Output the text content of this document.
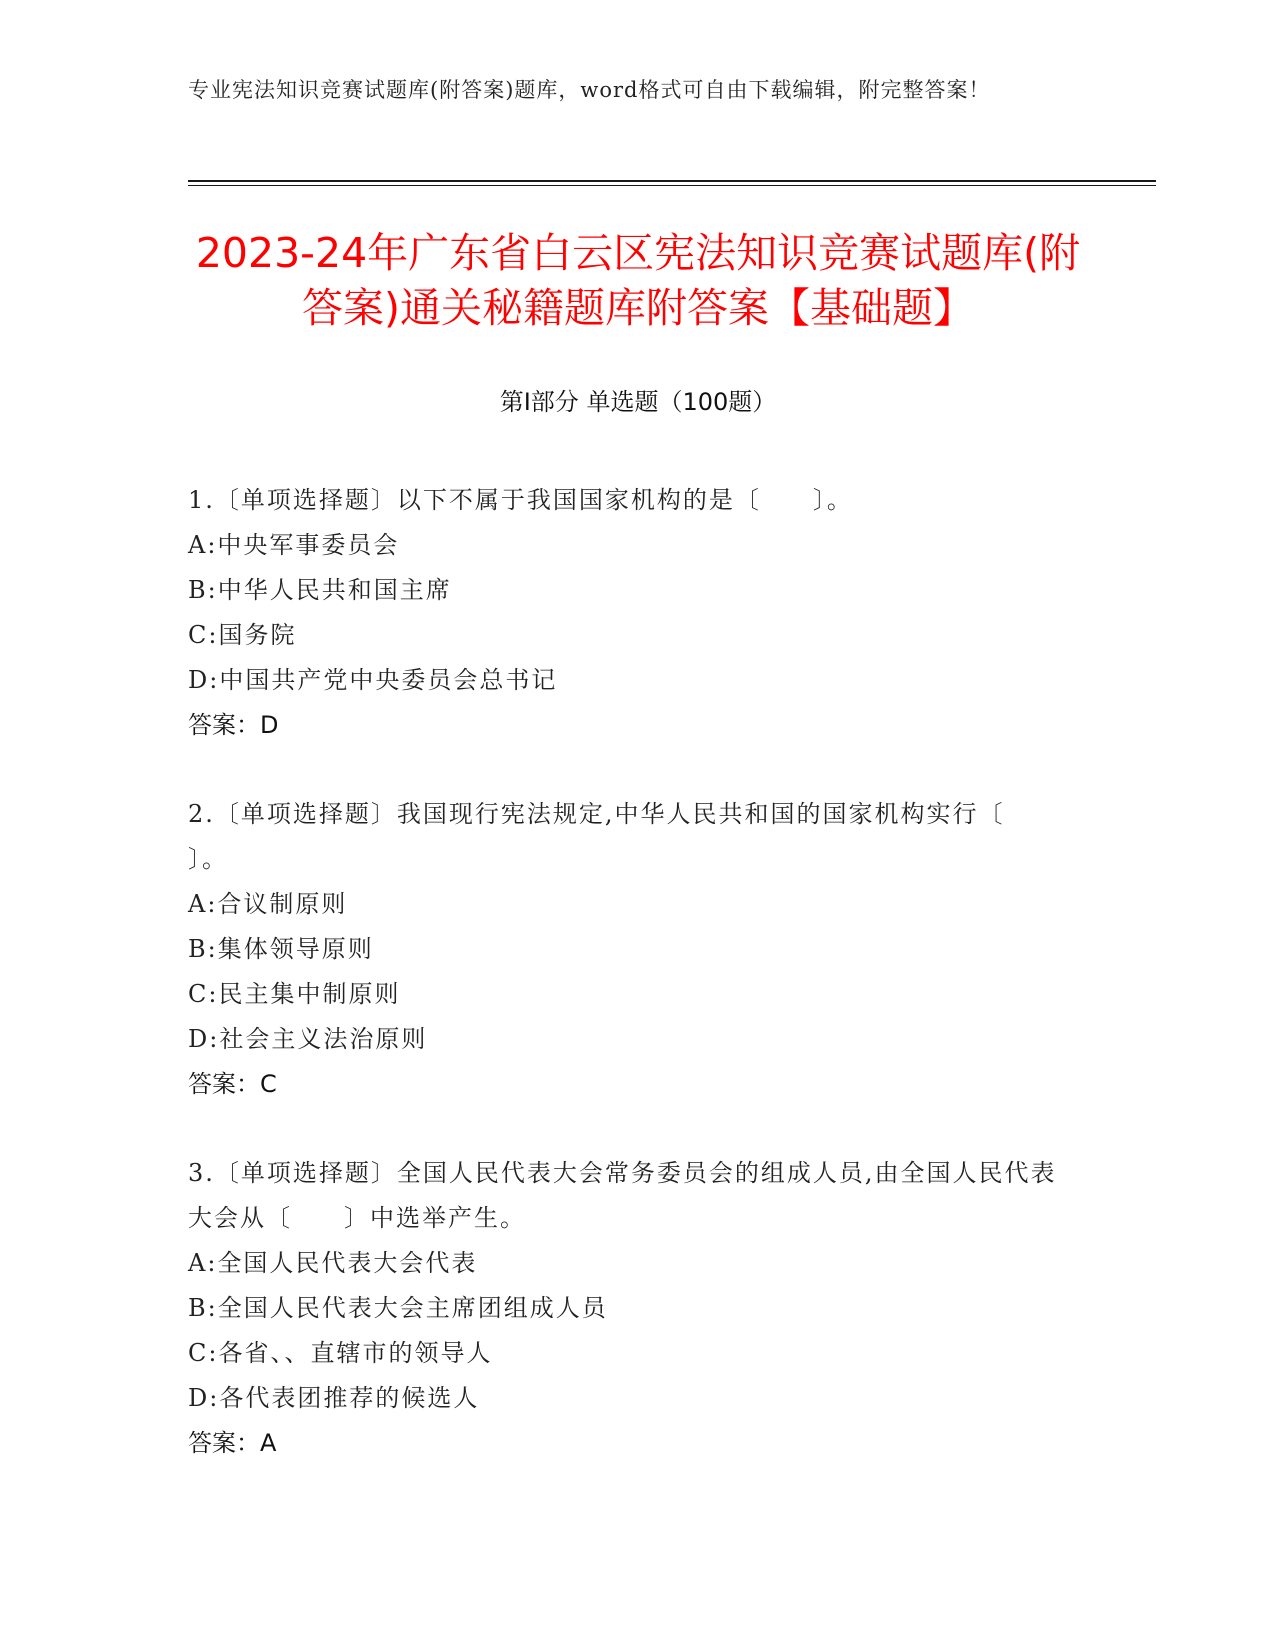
专业宪法知识竞赛试题库(附答案)题库，word格式可自由下载编辑，附完整答案！
2023-24年广东省白云区宪法知识竞赛试题库(附答案)通关秘籍题库附答案【基础题】
第Ⅰ部分 单选题（100题）
1.〔单项选择题〕以下不属于我国国家机构的是〔　　〕。
A:中央军事委员会
B:中华人民共和国主席
C:国务院
D:中国共产党中央委员会总书记
答案：D
2.〔单项选择题〕我国现行宪法规定,中华人民共和国的国家机构实行〔　　〕。
A:合议制原则
B:集体领导原则
C:民主集中制原则
D:社会主义法治原则
答案：C
3.〔单项选择题〕全国人民代表大会常务委员会的组成人员,由全国人民代表大会从〔　　〕中选举产生。
A:全国人民代表大会代表
B:全国人民代表大会主席团组成人员
C:各省、、直辖市的领导人
D:各代表团推荐的候选人
答案：A
